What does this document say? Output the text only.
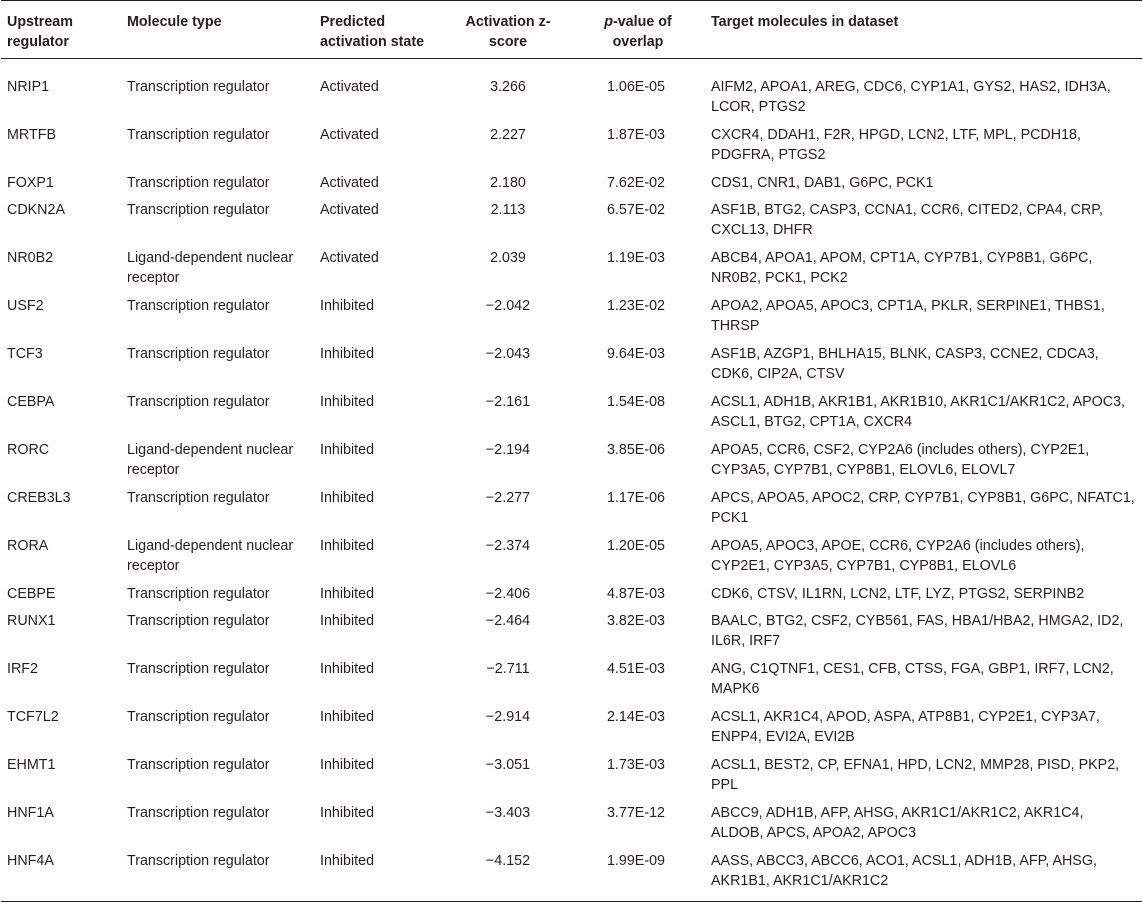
Upstream regulator	Molecule type	Predicted activation state	Activation z-score	p-value of overlap	Target molecules in dataset
NRIP1	Transcription regulator	Activated	3.266	1.06E-05	AIFM2, APOA1, AREG, CDC6, CYP1A1, GYS2, HAS2, IDH3A, LCOR, PTGS2
MRTFB	Transcription regulator	Activated	2.227	1.87E-03	CXCR4, DDAH1, F2R, HPGD, LCN2, LTF, MPL, PCDH18, PDGFRA, PTGS2
FOXP1	Transcription regulator	Activated	2.180	7.62E-02	CDS1, CNR1, DAB1, G6PC, PCK1
CDKN2A	Transcription regulator	Activated	2.113	6.57E-02	ASF1B, BTG2, CASP3, CCNA1, CCR6, CITED2, CPA4, CRP, CXCL13, DHFR
NR0B2	Ligand-dependent nuclear receptor	Activated	2.039	1.19E-03	ABCB4, APOA1, APOM, CPT1A, CYP7B1, CYP8B1, G6PC, NR0B2, PCK1, PCK2
USF2	Transcription regulator	Inhibited	−2.042	1.23E-02	APOA2, APOA5, APOC3, CPT1A, PKLR, SERPINE1, THBS1, THRSP
TCF3	Transcription regulator	Inhibited	−2.043	9.64E-03	ASF1B, AZGP1, BHLHA15, BLNK, CASP3, CCNE2, CDCA3, CDK6, CIP2A, CTSV
CEBPA	Transcription regulator	Inhibited	−2.161	1.54E-08	ACSL1, ADH1B, AKR1B1, AKR1B10, AKR1C1/AKR1C2, APOC3, ASCL1, BTG2, CPT1A, CXCR4
RORC	Ligand-dependent nuclear receptor	Inhibited	−2.194	3.85E-06	APOA5, CCR6, CSF2, CYP2A6 (includes others), CYP2E1, CYP3A5, CYP7B1, CYP8B1, ELOVL6, ELOVL7
CREB3L3	Transcription regulator	Inhibited	−2.277	1.17E-06	APCS, APOA5, APOC2, CRP, CYP7B1, CYP8B1, G6PC, NFATC1, PCK1
RORA	Ligand-dependent nuclear receptor	Inhibited	−2.374	1.20E-05	APOA5, APOC3, APOE, CCR6, CYP2A6 (includes others), CYP2E1, CYP3A5, CYP7B1, CYP8B1, ELOVL6
CEBPE	Transcription regulator	Inhibited	−2.406	4.87E-03	CDK6, CTSV, IL1RN, LCN2, LTF, LYZ, PTGS2, SERPINB2
RUNX1	Transcription regulator	Inhibited	−2.464	3.82E-03	BAALC, BTG2, CSF2, CYB561, FAS, HBA1/HBA2, HMGA2, ID2, IL6R, IRF7
IRF2	Transcription regulator	Inhibited	−2.711	4.51E-03	ANG, C1QTNF1, CES1, CFB, CTSS, FGA, GBP1, IRF7, LCN2, MAPK6
TCF7L2	Transcription regulator	Inhibited	−2.914	2.14E-03	ACSL1, AKR1C4, APOD, ASPA, ATP8B1, CYP2E1, CYP3A7, ENPP4, EVI2A, EVI2B
EHMT1	Transcription regulator	Inhibited	−3.051	1.73E-03	ACSL1, BEST2, CP, EFNA1, HPD, LCN2, MMP28, PISD, PKP2, PPL
HNF1A	Transcription regulator	Inhibited	−3.403	3.77E-12	ABCC9, ADH1B, AFP, AHSG, AKR1C1/AKR1C2, AKR1C4, ALDOB, APCS, APOA2, APOC3
HNF4A	Transcription regulator	Inhibited	−4.152	1.99E-09	AASS, ABCC3, ABCC6, ACO1, ACSL1, ADH1B, AFP, AHSG, AKR1B1, AKR1C1/AKR1C2
